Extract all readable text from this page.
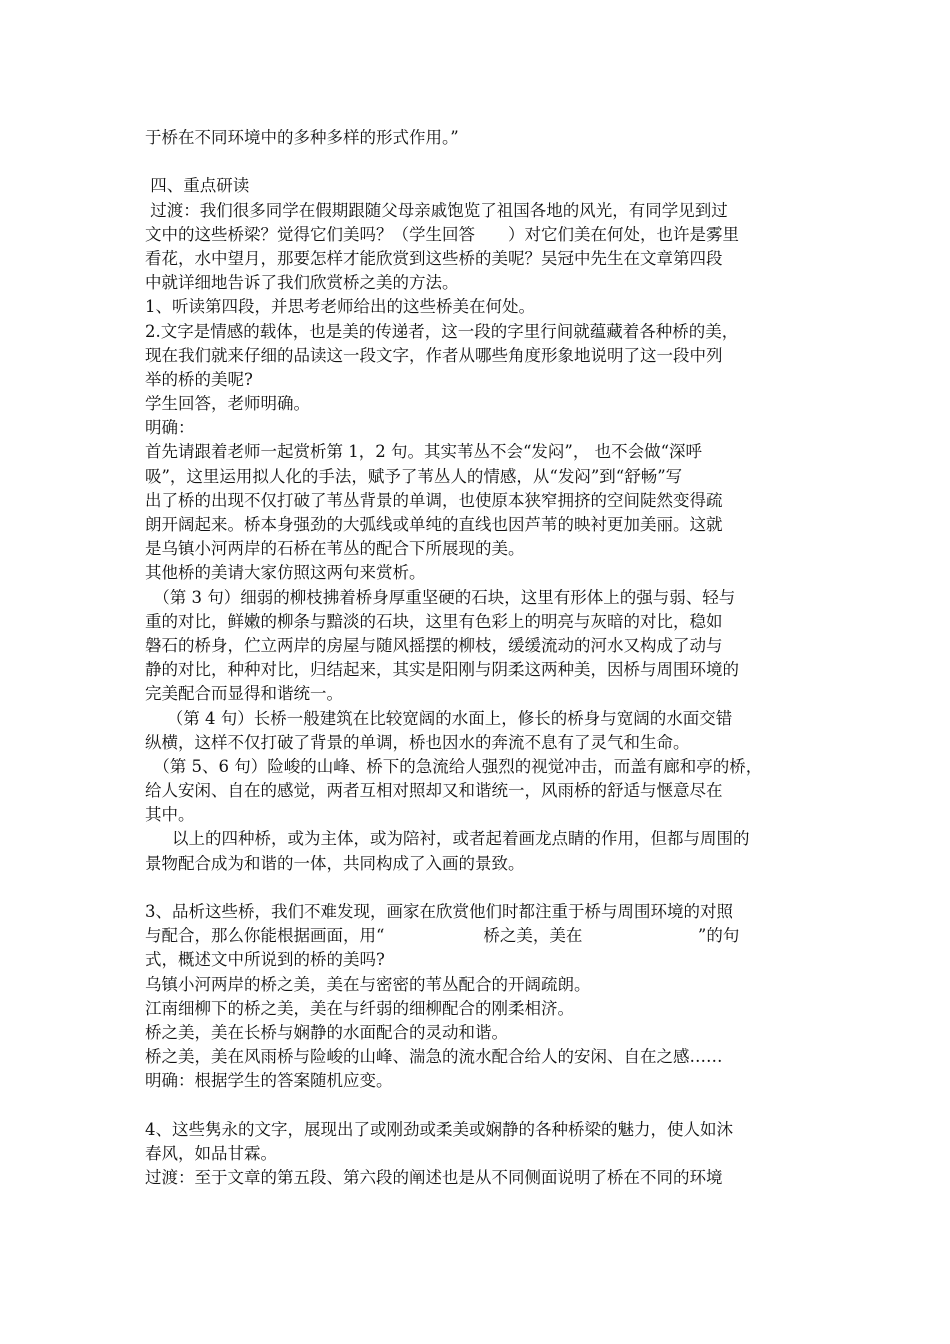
于桥在不同环境中的多种多样的形式作用。”
四、重点研读
过渡：我们很多同学在假期跟随父母亲戚饱览了祖国各地的风光，有同学见到过
文中的这些桥梁？觉得它们美吗？（学生回答　　）对它们美在何处，也许是雾里
看花，水中望月，那要怎样才能欣赏到这些桥的美呢？吴冠中先生在文章第四段
中就详细地告诉了我们欣赏桥之美的方法。
1、听读第四段，并思考老师给出的这些桥美在何处。
2.文字是情感的载体，也是美的传递者，这一段的字里行间就蕴藏着各种桥的美，
现在我们就来仔细的品读这一段文字，作者从哪些角度形象地说明了这一段中列
举的桥的美呢?
学生回答，老师明确。
明确：
首先请跟着老师一起赏析第 1，2 句。其实苇丛不会“发闷”， 也不会做“深呼
吸”，这里运用拟人化的手法，赋予了苇丛人的情感，从“发闷”到“舒畅”写
出了桥的出现不仅打破了苇丛背景的单调，也使原本狭窄拥挤的空间陡然变得疏
朗开阔起来。桥本身强劲的大弧线或单纯的直线也因芦苇的映衬更加美丽。这就
是乌镇小河两岸的石桥在苇丛的配合下所展现的美。
其他桥的美请大家仿照这两句来赏析。
　（第 3 句）细弱的柳枝拂着桥身厚重坚硬的石块，这里有形体上的强与弱、轻与
重的对比，鲜嫩的柳条与黯淡的石块，这里有色彩上的明亮与灰暗的对比，稳如
磐石的桥身，伫立两岸的房屋与随风摇摆的柳枝，缓缓流动的河水又构成了动与
静的对比，种种对比，归结起来，其实是阳刚与阴柔这两种美，因桥与周围环境的
完美配合而显得和谐统一。
　 （第 4 句）长桥一般建筑在比较宽阔的水面上，修长的桥身与宽阔的水面交错
纵横，这样不仅打破了背景的单调，桥也因水的奔流不息有了灵气和生命。
　（第 5、6 句）险峻的山峰、桥下的急流给人强烈的视觉冲击，而盖有廊和亭的桥，
给人安闲、自在的感觉，两者互相对照却又和谐统一，风雨桥的舒适与惬意尽在
其中。
　  以上的四种桥，或为主体，或为陪衬，或者起着画龙点睛的作用，但都与周围的
景物配合成为和谐的一体，共同构成了入画的景致。
3、品析这些桥，我们不难发现，画家在欣赏他们时都注重于桥与周围环境的对照
与配合，那么你能根据画面，用“　　　　　　桥之美，美在　　　　　　　”的句
式，概述文中所说到的桥的美吗?
乌镇小河两岸的桥之美，美在与密密的苇丛配合的开阔疏朗。
江南细柳下的桥之美，美在与纤弱的细柳配合的刚柔相济。
桥之美，美在长桥与娴静的水面配合的灵动和谐。
桥之美，美在风雨桥与险峻的山峰、湍急的流水配合给人的安闲、自在之感……
明确：根据学生的答案随机应变。
4、这些隽永的文字，展现出了或刚劲或柔美或娴静的各种桥梁的魅力，使人如沐
春风，如品甘霖。
过渡：至于文章的第五段、第六段的阐述也是从不同侧面说明了桥在不同的环境
